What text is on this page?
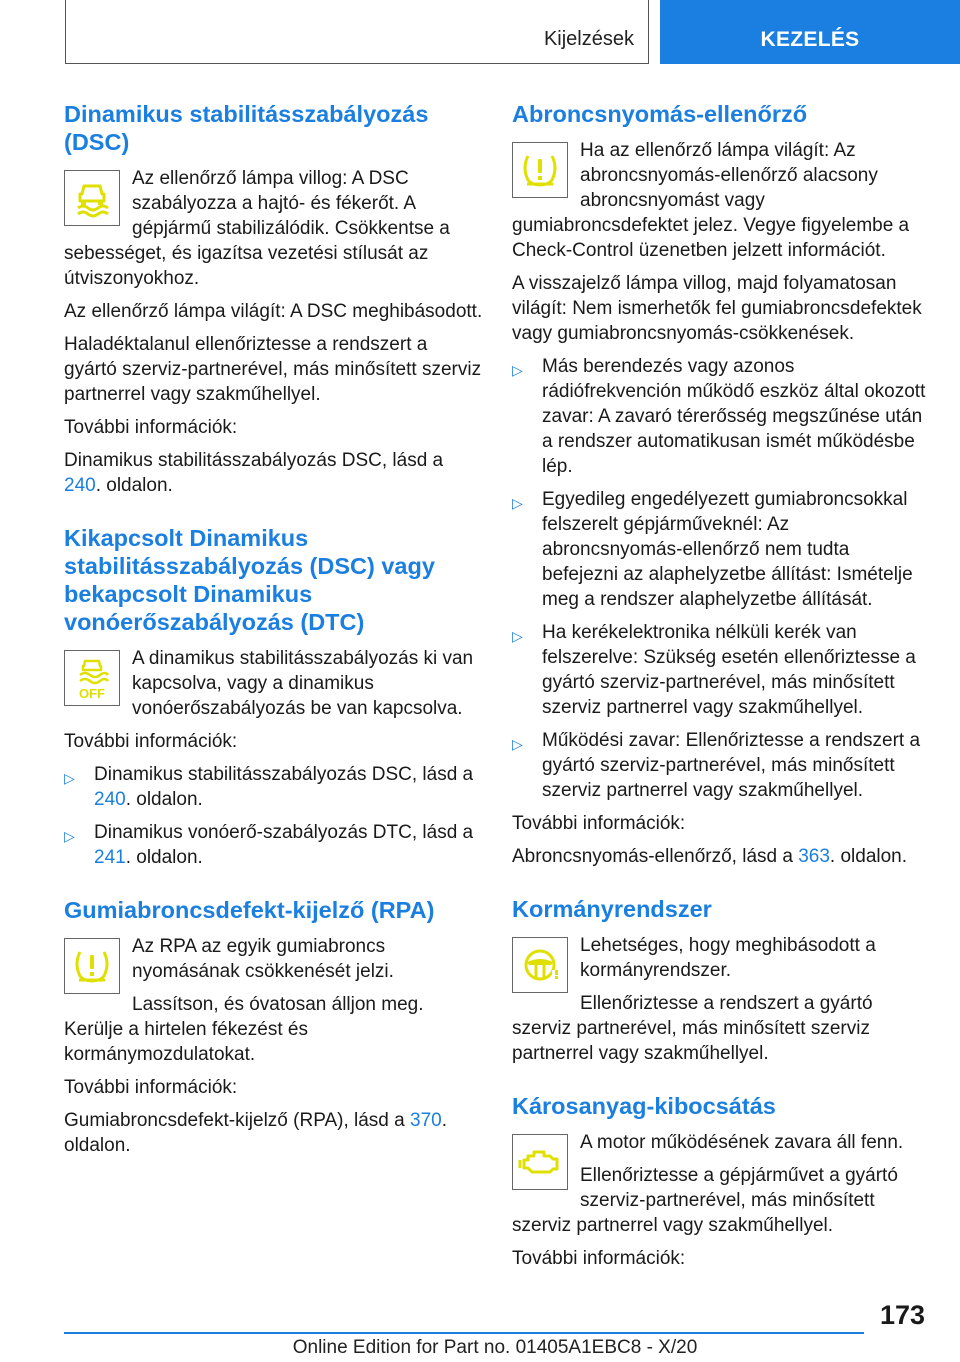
Kijelzések	KEZELÉS
Dinamikus stabilitásszabályozás (DSC)

Az ellenőrző lámpa villog: A DSC szabályozza a hajtó- és fékerőt. A gépjármű stabilizálódik. Csökkentse a sebességet, és igazítsa vezetési stílusát az útviszonyokhoz.

Az ellenőrző lámpa világít: A DSC meghibásodott.

Haladéktalanul ellenőriztesse a rendszert a gyártó szerviz-partnerével, más minősített szerviz partnerrel vagy szakműhellyel.

További információk:

Dinamikus stabilitásszabályozás DSC, lásd a 240. oldalon.

Kikapcsolt Dinamikus stabilitásszabályozás (DSC) vagy bekapcsolt Dinamikus vonóerőszabályozás (DTC)
OFF

A dinamikus stabilitásszabályozás ki van kapcsolva, vagy a dinamikus vonóerőszabályozás be van kapcsolva.

További információk:

▷ Dinamikus stabilitásszabályozás DSC, lásd a 240. oldalon.
▷ Dinamikus vonóerő-szabályozás DTC, lásd a 241. oldalon.
Gumiabroncsdefekt-kijelző (RPA)

Az RPA az egyik gumiabroncs nyomásának csökkenését jelzi.

Lassítson, és óvatosan álljon meg. Kerülje a hirtelen fékezést és kormánymozdulatokat.

További információk:

Gumiabroncsdefekt-kijelző (RPA), lásd a 370. oldalon.

Abroncsnyomás-ellenőrző

Ha az ellenőrző lámpa világít: Az abroncsnyomás-ellenőrző alacsony abroncsnyomást vagy gumiabroncsdefektet jelez. Vegye figyelembe a Check-Control üzenetben jelzett információt.

A visszajelző lámpa villog, majd folyamatosan világít: Nem ismerhetők fel gumiabroncsdefektek vagy gumiabroncsnyomás-csökkenések.

▷ Más berendezés vagy azonos rádiófrekvención működő eszköz által okozott zavar: A zavaró térerősség megszűnése után a rendszer automatikusan ismét működésbe lép.
▷ Egyedileg engedélyezett gumiabroncsokkal felszerelt gépjárműveknél: Az abroncsnyomás-ellenőrző nem tudta befejezni az alaphelyzetbe állítást: Ismételje meg a rendszer alaphelyzetbe állítását.
▷ Ha kerékelektronika nélküli kerék van felszerelve: Szükség esetén ellenőriztesse a gyártó szerviz-partnerével, más minősített szerviz partnerrel vagy szakműhellyel.
▷ Működési zavar: Ellenőriztesse a rendszert a gyártó szerviz-partnerével, más minősített szerviz partnerrel vagy szakműhellyel.

További információk:

Abroncsnyomás-ellenőrző, lásd a 363. oldalon.

Kormányrendszer

Lehetséges, hogy meghibásodott a kormányrendszer.

Ellenőriztesse a rendszert a gyártó szerviz partnerével, más minősített szerviz partnerrel vagy szakműhellyel.

Károsanyag-kibocsátás

A motor működésének zavara áll fenn.

Ellenőriztesse a gépjárművet a gyártó szerviz-partnerével, más minősített szerviz partnerrel vagy szakműhellyel.

További információk:

173
Online Edition for Part no. 01405A1EBC8 - X/20
